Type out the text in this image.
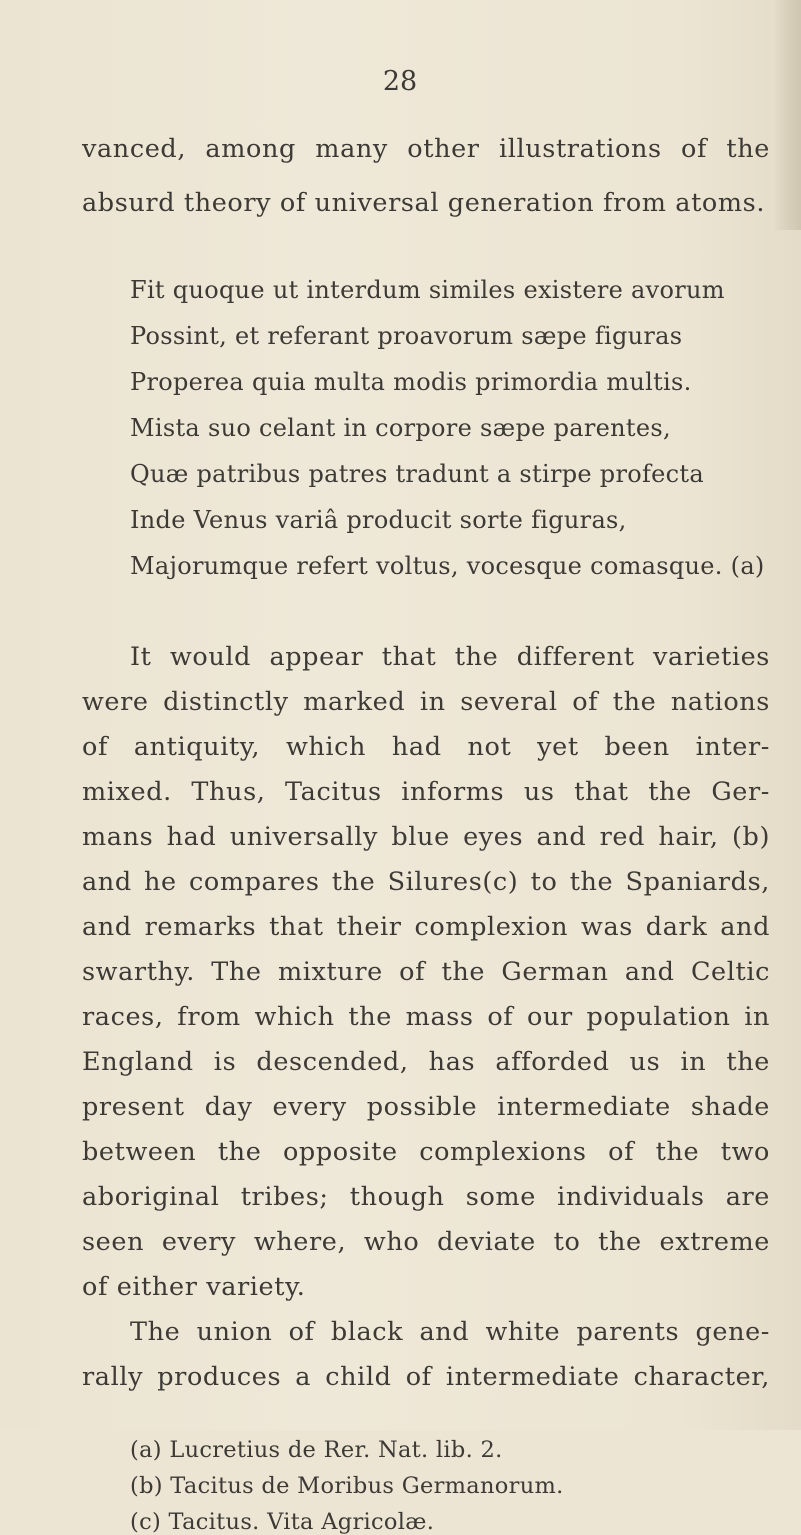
28
vanced, among many other illustrations of the
absurd theory of universal generation from atoms.
Fit quoque ut interdum similes existere avorum
Possint, et referant proavorum sæpe figuras
Properea quia multa modis primordia multis.
Mista suo celant in corpore sæpe parentes,
Quæ patribus patres tradunt a stirpe profecta
Inde Venus variâ producit sorte figuras,
Majorumque refert voltus, vocesque comasque. (a)
It would appear that the different varieties
were distinctly marked in several of the nations
of antiquity, which had not yet been inter-
mixed. Thus, Tacitus informs us that the Ger-
mans had universally blue eyes and red hair, (b)
and he compares the Silures(c) to the Spaniards,
and remarks that their complexion was dark and
swarthy. The mixture of the German and Celtic
races, from which the mass of our population in
England is descended, has afforded us in the
present day every possible intermediate shade
between the opposite complexions of the two
aboriginal tribes; though some individuals are
seen every where, who deviate to the extreme
of either variety.
The union of black and white parents gene-
rally produces a child of intermediate character,
(a) Lucretius de Rer. Nat. lib. 2.
(b) Tacitus de Moribus Germanorum.
(c) Tacitus. Vita Agricolæ.
